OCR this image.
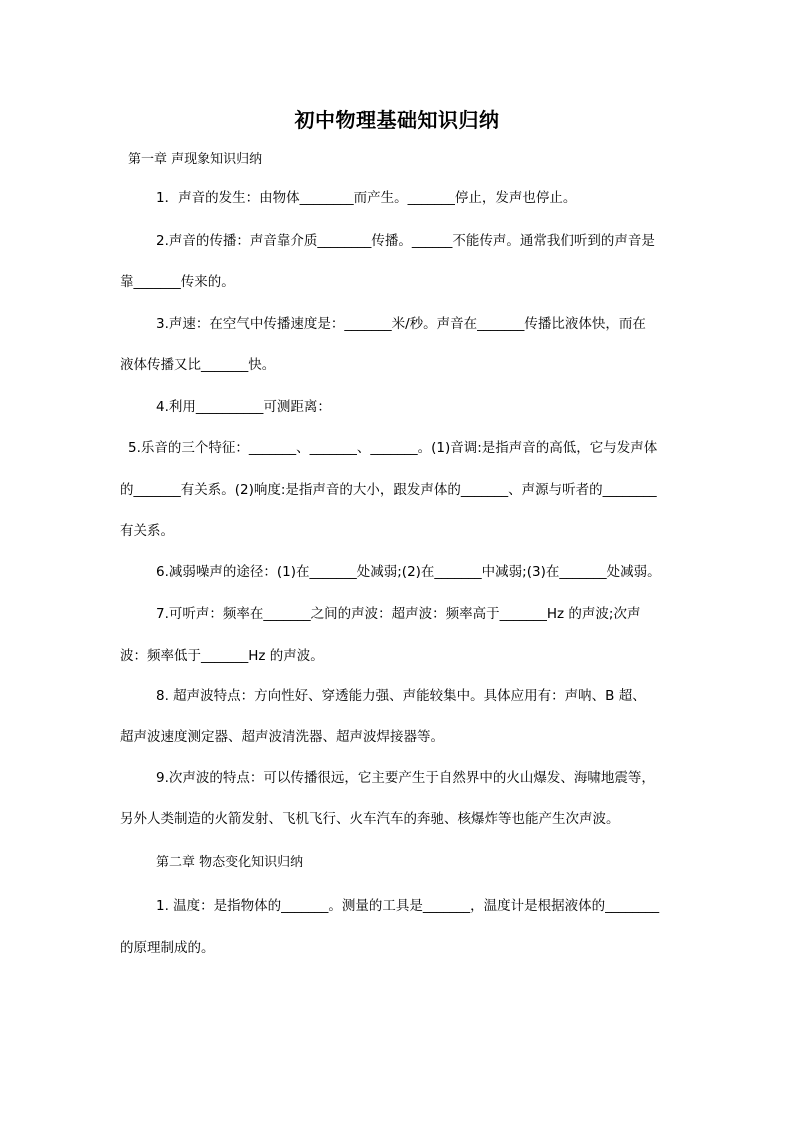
初中物理基础知识归纳
第一章 声现象知识归纳
1．声音的发生：由物体________而产生。_______停止，发声也停止。
2.声音的传播：声音靠介质________传播。______不能传声。通常我们听到的声音是
靠_______传来的。
3.声速：在空气中传播速度是：_______米/秒。声音在_______传播比液体快，而在
液体传播又比_______快。
4.利用__________可测距离：
5.乐音的三个特征：_______、_______、_______。(1)音调:是指声音的高低，它与发声体
的_______有关系。(2)响度:是指声音的大小，跟发声体的_______、声源与听者的________
有关系。
6.减弱噪声的途径：(1)在_______处减弱;(2)在_______中减弱;(3)在_______处减弱。
7.可听声：频率在_______之间的声波：超声波：频率高于_______Hz 的声波;次声
波：频率低于_______Hz 的声波。
8. 超声波特点：方向性好、穿透能力强、声能较集中。具体应用有：声呐、B 超、
超声波速度测定器、超声波清洗器、超声波焊接器等。
9.次声波的特点：可以传播很远，它主要产生于自然界中的火山爆发、海啸地震等，
另外人类制造的火箭发射、飞机飞行、火车汽车的奔驰、核爆炸等也能产生次声波。
第二章 物态变化知识归纳
1. 温度：是指物体的_______。测量的工具是_______，温度计是根据液体的________
的原理制成的。
